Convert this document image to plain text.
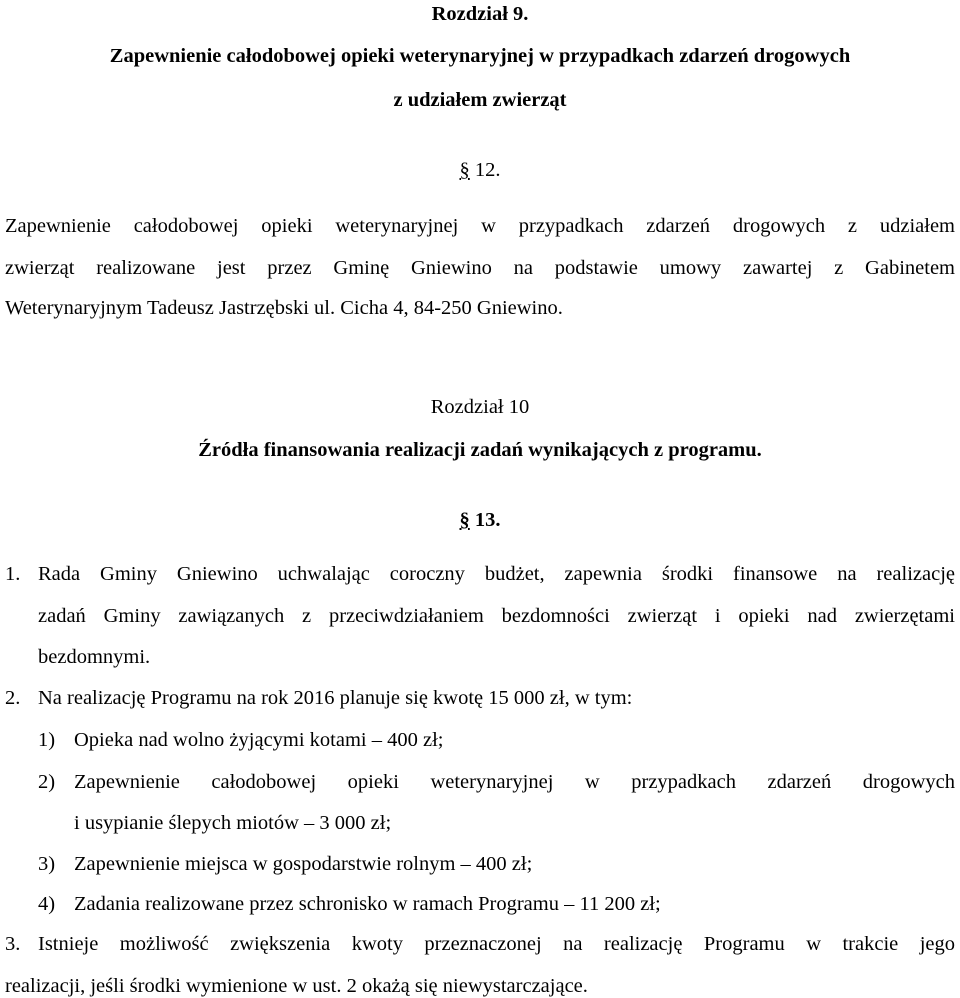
Rozdział 9.
Zapewnienie całodobowej opieki weterynaryjnej w przypadkach zdarzeń drogowych
z udziałem zwierząt
§ 12.
Zapewnienie całodobowej opieki weterynaryjnej w przypadkach zdarzeń drogowych z udziałem
zwierząt realizowane jest przez Gminę Gniewino na podstawie umowy zawartej z Gabinetem
Weterynaryjnym Tadeusz Jastrzębski ul. Cicha 4, 84-250 Gniewino.
Rozdział 10
Źródła finansowania realizacji zadań wynikających z programu.
§ 13.
1. Rada Gminy Gniewino uchwalając coroczny budżet, zapewnia środki finansowe na realizację
zadań Gminy zawiązanych z przeciwdziałaniem bezdomności zwierząt i opieki nad zwierzętami
bezdomnymi.
2. Na realizację Programu na rok 2016 planuje się kwotę 15 000 zł, w tym:
1) Opieka nad wolno żyjącymi kotami – 400 zł;
2) Zapewnienie całodobowej opieki weterynaryjnej w przypadkach zdarzeń drogowych
i usypianie ślepych miotów – 3 000 zł;
3) Zapewnienie miejsca w gospodarstwie rolnym – 400 zł;
4) Zadania realizowane przez schronisko w ramach Programu – 11 200 zł;
3. Istnieje możliwość zwiększenia kwoty przeznaczonej na realizację Programu w trakcie jego
realizacji, jeśli środki wymienione w ust. 2 okażą się niewystarczające.
